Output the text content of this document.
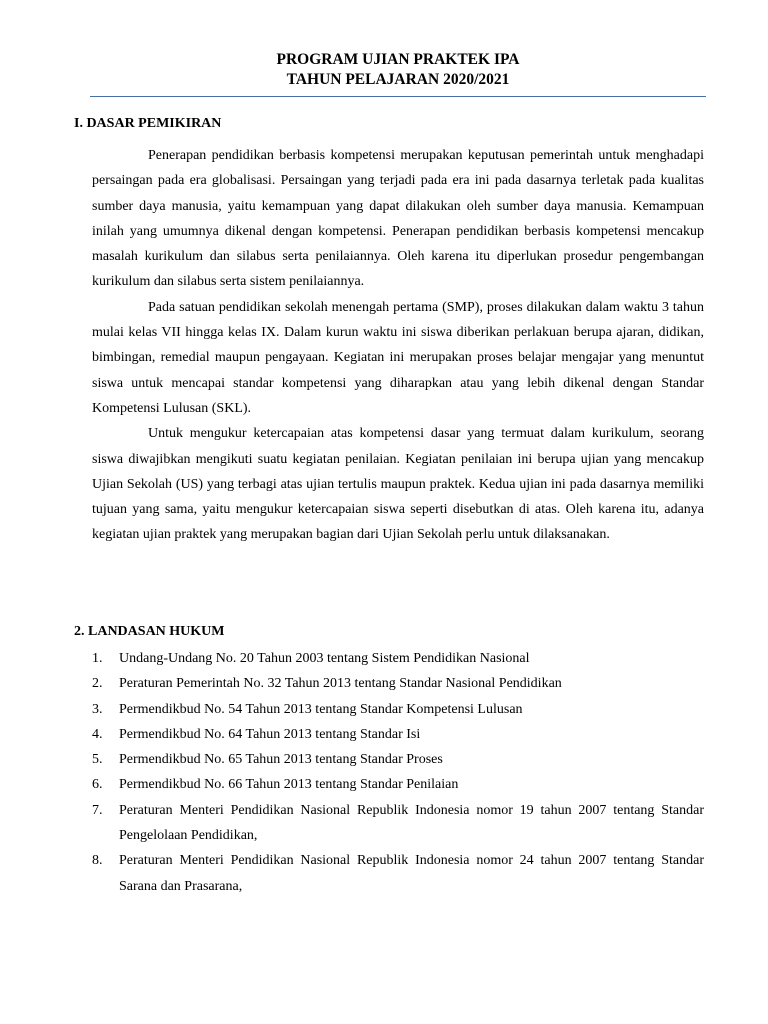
PROGRAM UJIAN PRAKTEK IPA
TAHUN PELAJARAN 2020/2021
I. DASAR PEMIKIRAN

Penerapan pendidikan berbasis kompetensi merupakan keputusan pemerintah untuk menghadapi persaingan pada era globalisasi. Persaingan yang terjadi pada era ini pada dasarnya terletak pada kualitas sumber daya manusia, yaitu kemampuan yang dapat dilakukan oleh sumber daya manusia. Kemampuan inilah yang umumnya dikenal dengan kompetensi. Penerapan pendidikan berbasis kompetensi mencakup masalah kurikulum dan silabus serta penilaiannya. Oleh karena itu diperlukan prosedur pengembangan kurikulum dan silabus serta sistem penilaiannya.

Pada satuan pendidikan sekolah menengah pertama (SMP), proses dilakukan dalam waktu 3 tahun mulai kelas VII hingga kelas IX. Dalam kurun waktu ini siswa diberikan perlakuan berupa ajaran, didikan, bimbingan, remedial maupun pengayaan. Kegiatan ini merupakan proses belajar mengajar yang menuntut siswa untuk mencapai standar kompetensi yang diharapkan atau yang lebih dikenal dengan Standar Kompetensi Lulusan (SKL).

Untuk mengukur ketercapaian atas kompetensi dasar yang termuat dalam kurikulum, seorang siswa diwajibkan mengikuti suatu kegiatan penilaian. Kegiatan penilaian ini berupa ujian yang mencakup Ujian Sekolah (US) yang terbagi atas ujian tertulis maupun praktek. Kedua ujian ini pada dasarnya memiliki tujuan yang sama, yaitu mengukur ketercapaian siswa seperti disebutkan di atas. Oleh karena itu, adanya kegiatan ujian praktek yang merupakan bagian dari Ujian Sekolah perlu untuk dilaksanakan.

2. LANDASAN HUKUM
1.	Undang-Undang No. 20 Tahun 2003 tentang Sistem Pendidikan Nasional
2.	Peraturan Pemerintah No. 32 Tahun 2013 tentang Standar Nasional Pendidikan
3.	Permendikbud No. 54 Tahun 2013 tentang Standar Kompetensi Lulusan
4.	Permendikbud No. 64 Tahun 2013 tentang Standar Isi
5.	Permendikbud No. 65 Tahun 2013 tentang Standar Proses
6.	Permendikbud No. 66 Tahun 2013 tentang Standar Penilaian
7.	Peraturan Menteri Pendidikan Nasional Republik Indonesia nomor 19 tahun 2007 tentang Standar Pengelolaan Pendidikan,
8.	Peraturan Menteri Pendidikan Nasional Republik Indonesia nomor 24 tahun 2007 tentang Standar Sarana dan Prasarana,
